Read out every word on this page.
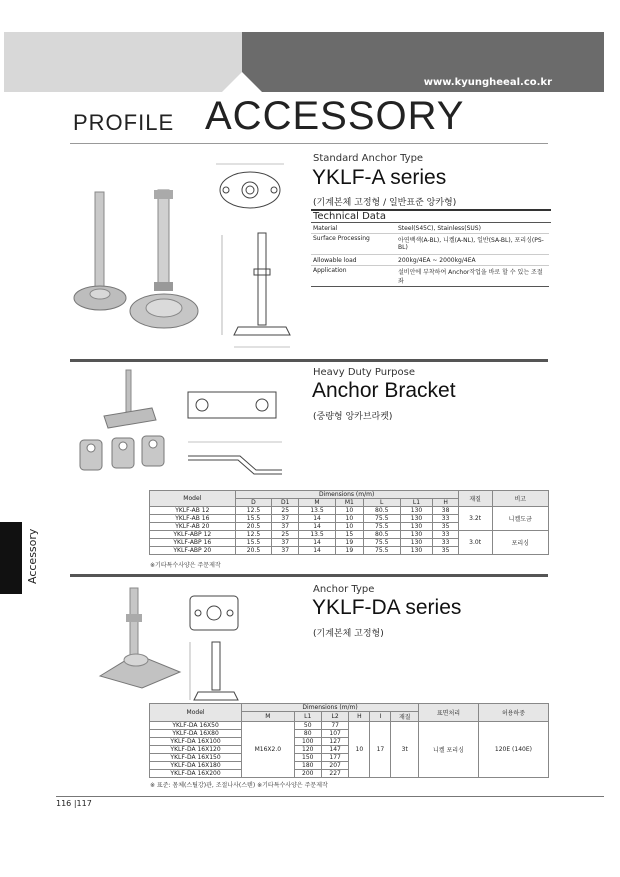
www.kyungheeal.co.kr
PROFILE ACCESSORY
Accessory
Standard Anchor Type
YKLF-A series
(기계본체 고정형 / 일반표준 앙카형)
Technical Data
Material	Steel(S45C), Stainless(SUS)
Surface Processing	아연백색(A-BL), 니켈(A-NL), 일반(SA-BL), 포리싱(PS-BL)
Allowable load	200kg/4EA ~ 2000kg/4EA
Application	설비안에 부착하여 Anchor작업을 바로 할 수 있는 조절좌
Heavy Duty Purpose
Anchor Bracket
(중량형 앙카브라켓)
Model	Dimensions (m/m)							재질	비고
	D	D1	M	M1	L	L1	H		
YKLF-AB 12	12.5	25	13.5	10	80.5	130	38	3.2t	니켈도금
YKLF-AB 16	15.5	37	14	10	75.5	130	33		
YKLF-AB 20	20.5	37	14	10	75.5	130	35		
YKLF-ABP 12	12.5	25	13.5	15	80.5	130	33	3.0t	포리싱
YKLF-ABP 16	15.5	37	14	19	75.5	130	33		
YKLF-ABP 20	20.5	37	14	19	75.5	130	35		
※기타특수사양은 주문제작
Anchor Type
YKLF-DA series
(기계본체 고정형)
Model	Dimensions (m/m)						표면처리	허용하중
	M	L1	L2	H	I	재질		
YKLF-DA 16X50	M16X2.0	50	77	10	17	3t	니켈 포리싱	120E (140E)
YKLF-DA 16X80		80	107					
YKLF-DA 16X100		100	127					
YKLF-DA 16X120		120	147					
YKLF-DA 16X150		150	177					
YKLF-DA 16X180		180	207					
YKLF-DA 16X200		200	227					
※ 표준: 몸체(스틸강)관, 조절나사(스텐) ※기타특수사양은 주문제작
116 |117
